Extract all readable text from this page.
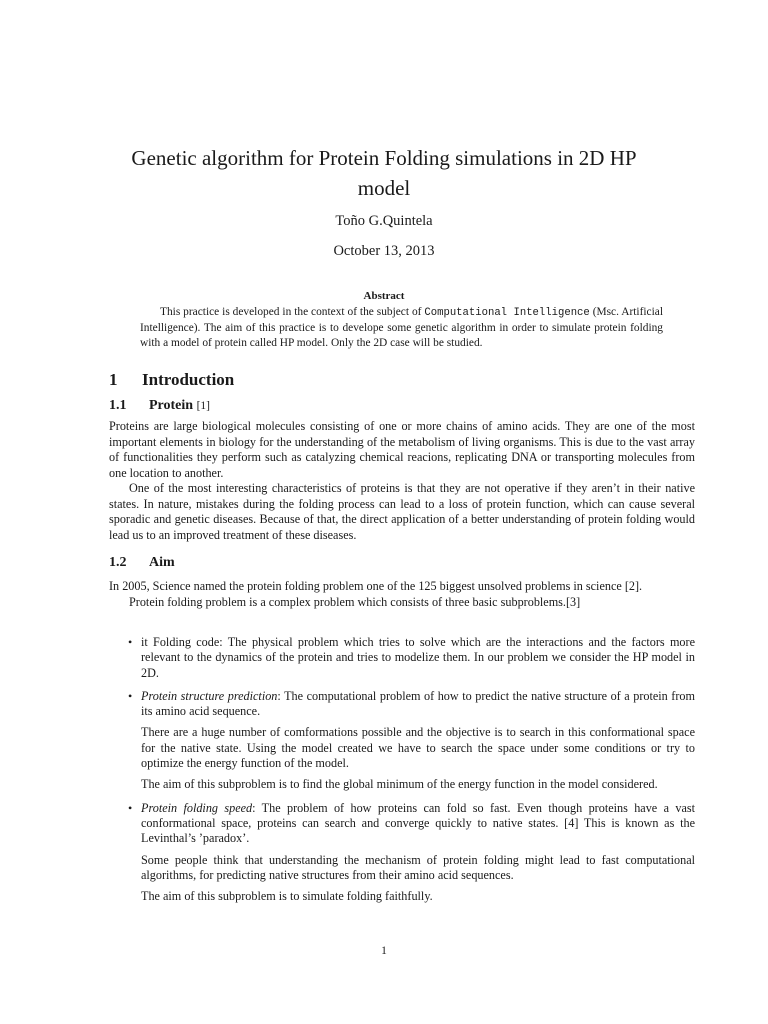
Genetic algorithm for Protein Folding simulations in 2D HP model
Toño G.Quintela
October 13, 2013
Abstract
This practice is developed in the context of the subject of Computational Intelligence (Msc. Artificial Intelligence). The aim of this practice is to develope some genetic algorithm in order to simulate protein folding with a model of protein called HP model. Only the 2D case will be studied.
1 Introduction
1.1 Protein [1]

Proteins are large biological molecules consisting of one or more chains of amino acids. They are one of the most important elements in biology for the understanding of the metabolism of living organisms. This is due to the vast array of functionalities they perform such as catalyzing chemical reacions, replicating DNA or transporting molecules from one location to another.

One of the most interesting characteristics of proteins is that they are not operative if they aren’t in their native states. In nature, mistakes during the folding process can lead to a loss of protein function, which can cause several sporadic and genetic diseases. Because of that, the direct application of a better understanding of protein folding would lead us to an improved treatment of these diseases.

1.2 Aim

In 2005, Science named the protein folding problem one of the 125 biggest unsolved problems in science [2].

Protein folding problem is a complex problem which consists of three basic subproblems.[3]

• it Folding code: The physical problem which tries to solve which are the interactions and the factors more relevant to the dynamics of the protein and tries to modelize them. In our problem we consider the HP model in 2D.

• Protein structure prediction: The computational problem of how to predict the native structure of a protein from its amino acid sequence.

There are a huge number of comformations possible and the objective is to search in this conformational space for the native state. Using the model created we have to search the space under some conditions or try to optimize the energy function of the model.

The aim of this subproblem is to find the global minimum of the energy function in the model considered.

• Protein folding speed: The problem of how proteins can fold so fast. Even though proteins have a vast conformational space, proteins can search and converge quickly to native states. [4] This is known as the Levinthal’s ’paradox’.

Some people think that understanding the mechanism of protein folding might lead to fast computational algorithms, for predicting native structures from their amino acid sequences.

The aim of this subproblem is to simulate folding faithfully.

1
